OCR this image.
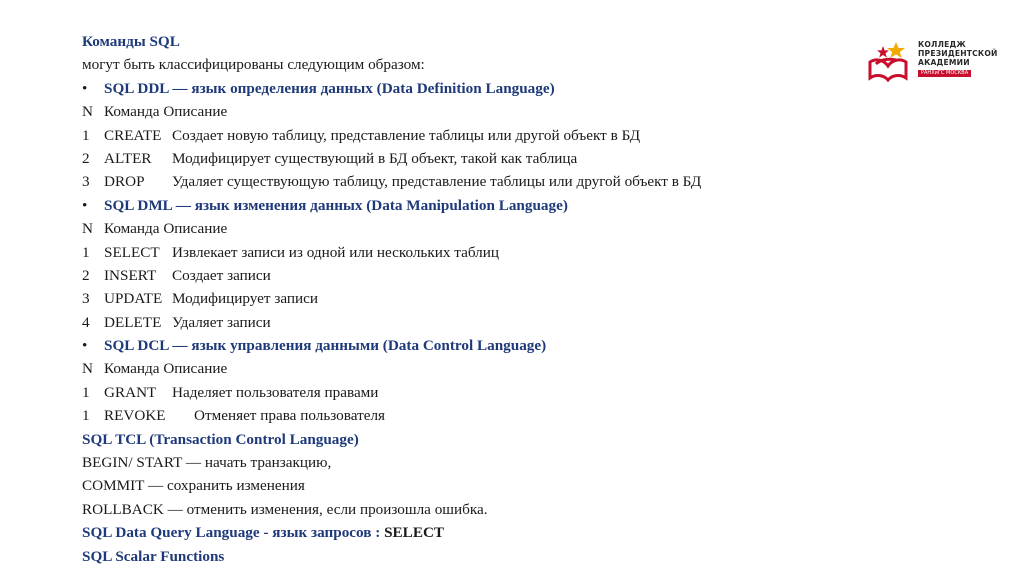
КОЛЛЕДЖ
ПРЕЗИДЕНТСКОЙ
АКАДЕМИИ
РАНХиГС МОСКВА
Команды SQL
могут быть классифицированы следующим образом:
• SQL DDL — язык определения данных (Data Definition Language)
N Команда Описание
1 CREATE Создает новую таблицу, представление таблицы или другой объект в БД
2 ALTER Модифицирует существующий в БД объект, такой как таблица
3 DROP Удаляет существующую таблицу, представление таблицы или другой объект в БД
• SQL DML — язык изменения данных (Data Manipulation Language)
N Команда Описание
1 SELECT Извлекает записи из одной или нескольких таблиц
2 INSERT Создает записи
3 UPDATE Модифицирует записи
4 DELETE Удаляет записи
• SQL DCL — язык управления данными (Data Control Language)
N Команда Описание
1 GRANT Наделяет пользователя правами
1 REVOKE Отменяет права пользователя
SQL TCL (Transaction Control Language)
BEGIN/ START — начать транзакцию,
COMMIT — сохранить изменения
ROLLBACK — отменить изменения, если произошла ошибка.
SQL Data Query Language - язык запросов : SELECT
SQL Scalar Functions
